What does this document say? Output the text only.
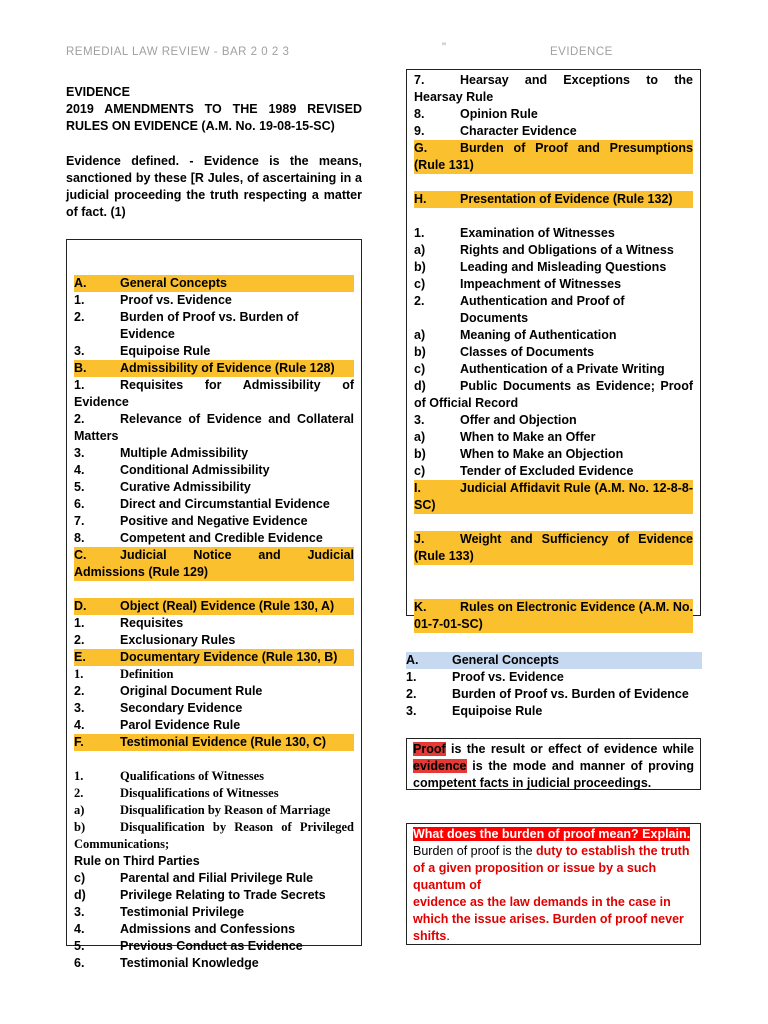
REMEDIAL LAW REVIEW - BAR 2 0 2 3	"	EVIDENCE
EVIDENCE
2019 AMENDMENTS TO THE 1989 REVISED RULES ON EVIDENCE (A.M. No. 19-08-15-SC)

Evidence defined. - Evidence is the means, sanctioned by these [R Jules, of ascertaining in a judicial proceeding the truth respecting a matter of fact. (1)

A.	General Concepts
1.	Proof vs. Evidence
2.	Burden of Proof vs. Burden of Evidence
3.	Equipoise Rule
B.	Admissibility of Evidence (Rule 128)
1.	Requisites for Admissibility of Evidence
2.	Relevance of Evidence and Collateral Matters
3.	Multiple Admissibility
4.	Conditional Admissibility
5.	Curative Admissibility
6.	Direct and Circumstantial Evidence
7.	Positive and Negative Evidence
8.	Competent and Credible Evidence
C.	Judicial Notice and Judicial Admissions (Rule 129)
D.	Object (Real) Evidence (Rule 130, A)
1.	Requisites
2.	Exclusionary Rules
E.	Documentary Evidence (Rule 130, B)
1.	Definition
2.	Original Document Rule
3.	Secondary Evidence
4.	Parol Evidence Rule
F.	Testimonial Evidence (Rule 130, C)
1.	Qualifications of Witnesses
2.	Disqualifications of Witnesses
a)	Disqualification by Reason of Marriage
b)	Disqualification by Reason of Privileged Communications;
Rule on Third Parties
c)	Parental and Filial Privilege Rule
d)	Privilege Relating to Trade Secrets
3.	Testimonial Privilege
4.	Admissions and Confessions
5.	Previous Conduct as Evidence
6.	Testimonial Knowledge
7.	Hearsay and Exceptions to the Hearsay Rule
8.	Opinion Rule
9.	Character Evidence
G.	Burden of Proof and Presumptions (Rule 131)
H.	Presentation of Evidence (Rule 132)
1.	Examination of Witnesses
a)	Rights and Obligations of a Witness
b)	Leading and Misleading Questions
c)	Impeachment of Witnesses
2.	Authentication and Proof of Documents
a)	Meaning of Authentication
b)	Classes of Documents
c)	Authentication of a Private Writing
d)	Public Documents as Evidence; Proof of Official Record
3.	Offer and Objection
a)	When to Make an Offer
b)	When to Make an Objection
c)	Tender of Excluded Evidence
I.	Judicial Affidavit Rule (A.M. No. 12-8-8-SC)
J.	Weight and Sufficiency of Evidence (Rule 133)
K.	Rules on Electronic Evidence (A.M. No. 01-7-01-SC)
A.	General Concepts
1.	Proof vs. Evidence
2.	Burden of Proof vs. Burden of Evidence
3.	Equipoise Rule
Proof is the result or effect of evidence while evidence is the mode and manner of proving competent facts in judicial proceedings.
What does the burden of proof mean? Explain.
Burden of proof is the duty to establish the truth of a given proposition or issue by a such quantum of
evidence as the law demands in the case in which the issue arises. Burden of proof never shifts.
